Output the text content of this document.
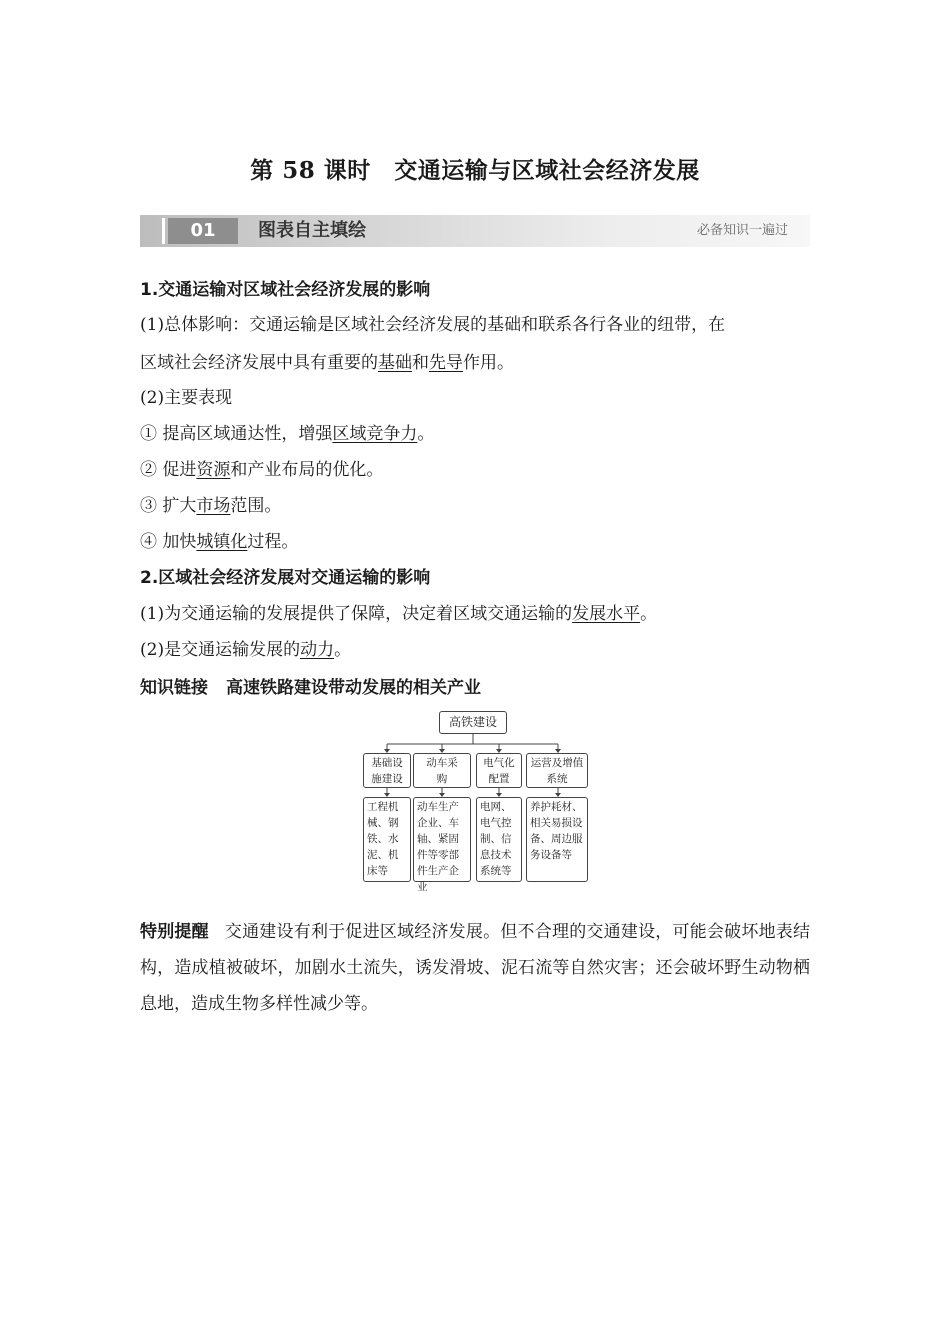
第 58 课时　交通运输与区域社会经济发展
01	图表自主填绘	必备知识一遍过
1.交通运输对区域社会经济发展的影响
(1)总体影响：交通运输是区域社会经济发展的基础和联系各行各业的纽带，在
区域社会经济发展中具有重要的基础和先导作用。
(2)主要表现
① 提高区域通达性，增强区域竞争力。
② 促进资源和产业布局的优化。
③ 扩大市场范围。
④ 加快城镇化过程。
2.区域社会经济发展对交通运输的影响
(1)为交通运输的发展提供了保障，决定着区域交通运输的发展水平。
(2)是交通运输发展的动力。
知识链接 高速铁路建设带动发展的相关产业
高铁建设
基础设施建设
动车采购
电气化配置
运营及增值系统
工程机械、钢铁、水泥、机床等
动车生产企业、车轴、紧固件等零部件生产企业
电网、电气控制、信息技术系统等
养护耗材、相关易损设备、周边服务设备等
特别提醒 交通建设有利于促进区域经济发展。但不合理的交通建设，可能会破坏地表结构，造成植被破坏，加剧水土流失，诱发滑坡、泥石流等自然灾害；还会破坏野生动物栖息地，造成生物多样性减少等。
